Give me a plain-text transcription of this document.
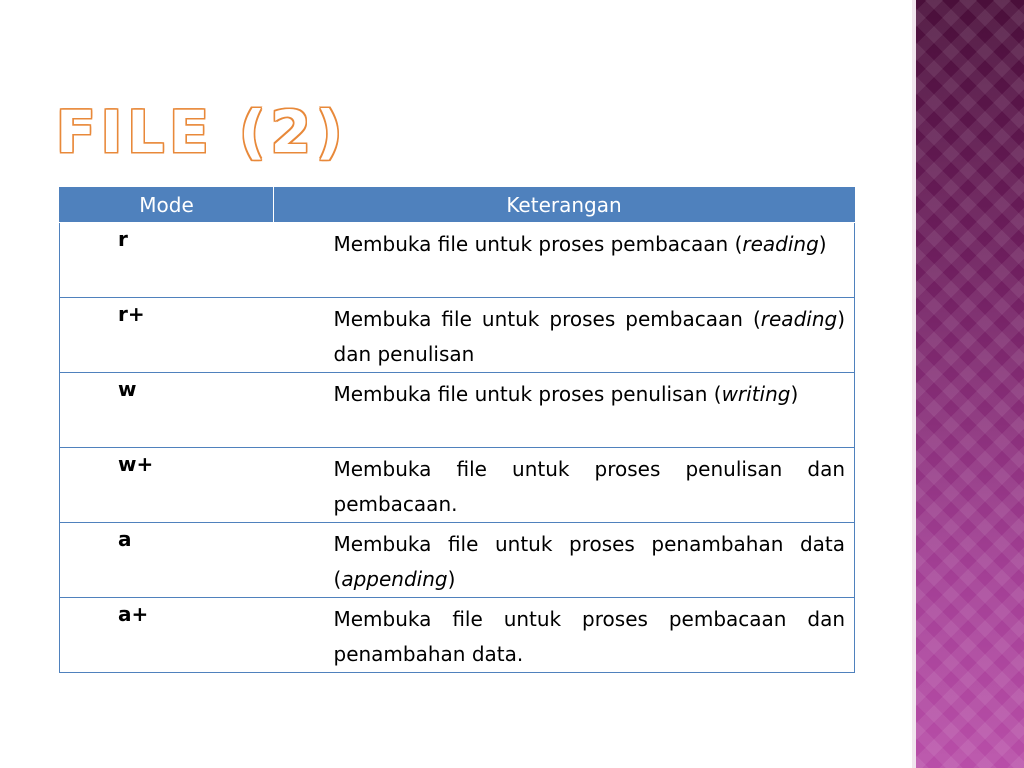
FILE (2)
Mode	Keterangan
r	Membuka file untuk proses pembacaan (reading)
r+	Membuka file untuk proses pembacaan (reading) dan penulisan
w	Membuka file untuk proses penulisan (writing)
w+	Membuka file untuk proses penulisan dan pembacaan.
a	Membuka file untuk proses penambahan data (appending)
a+	Membuka file untuk proses pembacaan dan penambahan data.
